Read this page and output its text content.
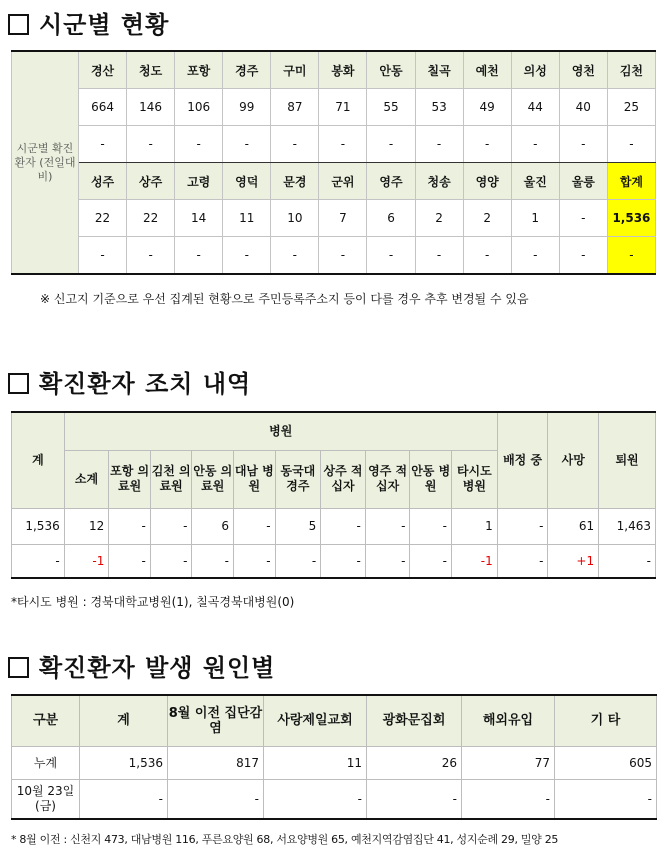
시군별 현황
시군별 확진환자 (전일대비)	경산	청도	포항	경주	구미	봉화	안동	칠곡	예천	의성	영천	김천
	664	146	106	99	87	71	55	53	49	44	40	25
	-	-	-	-	-	-	-	-	-	-	-	-
	성주	상주	고령	영덕	문경	군위	영주	청송	영양	울진	울릉	합계
	22	22	14	11	10	7	6	2	2	1	-	1,536
	-	-	-	-	-	-	-	-	-	-	-	-
※ 신고지 기준으로 우선 집계된 현황으로 주민등록주소지 등이 다를 경우 추후 변경될 수 있음
확진환자 조치 내역
계	병원										배정 중	사망	퇴원
	소계	포항 의료원	김천 의료원	안동 의료원	대남 병원	동국대 경주	상주 적십자	영주 적십자	안동 병원	타시도 병원			
1,536	12	-	-	6	-	5	-	-	-	1	-	61	1,463
-	-1	-	-	-	-	-	-	-	-	-1	-	+1	-
*타시도 병원 : 경북대학교병원(1), 칠곡경북대병원(0)
확진환자 발생 원인별
구분	계	8월 이전 집단감염	사랑제일교회	광화문집회	해외유입	기 타
누계	1,536	817	11	26	77	605
10월 23일 (금)	-	-	-	-	-	-
* 8월 이전 : 신천지 473, 대남병원 116, 푸른요양원 68, 서요양병원 65, 예천지역감염집단 41, 성지순례 29, 밀양 25
